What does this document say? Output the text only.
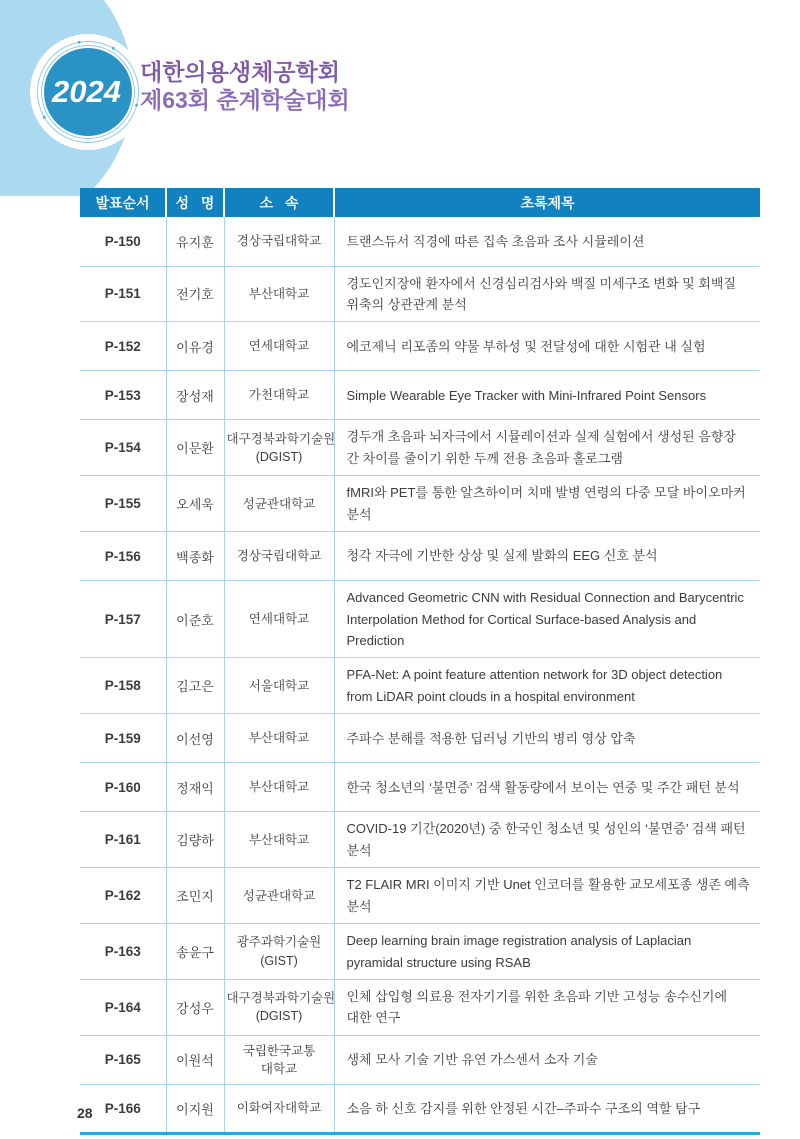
2024
대한의용생체공학회
제63회 춘계학술대회
발표순서	성 명	소 속	초록제목
P-150	유지훈	경상국립대학교	트랜스듀서 직경에 따른 집속 초음파 조사 시뮬레이션
P-151	전기호	부산대학교	경도인지장애 환자에서 신경심리검사와 백질 미세구조 변화 및 회백질 위축의 상관관계 분석
P-152	이유경	연세대학교	에코제닉 리포좀의 약물 부하성 및 전달성에 대한 시험관 내 실험
P-153	장성재	가천대학교	Simple Wearable Eye Tracker with Mini-Infrared Point Sensors
P-154	이문환	대구경북과학기술원 (DGIST)	경두개 초음파 뇌자극에서 시뮬레이션과 실제 실험에서 생성된 음향장 간 차이를 줄이기 위한 두께 전용 초음파 홀로그램
P-155	오세욱	성균관대학교	fMRI와 PET를 통한 알츠하이머 치매 발병 연령의 다중 모달 바이오마커 분석
P-156	백종화	경상국립대학교	청각 자극에 기반한 상상 및 실제 발화의 EEG 신호 분석
P-157	이준호	연세대학교	Advanced Geometric CNN with Residual Connection and Barycentric Interpolation Method for Cortical Surface-based Analysis and Prediction
P-158	김고은	서울대학교	PFA-Net: A point feature attention network for 3D object detection from LiDAR point clouds in a hospital environment
P-159	이선영	부산대학교	주파수 분해를 적용한 딥러닝 기반의 병리 영상 압축
P-160	정재익	부산대학교	한국 청소년의 ‘불면증’ 검색 활동량에서 보이는 연중 및 주간 패턴 분석
P-161	김량하	부산대학교	COVID-19 기간(2020년) 중 한국인 청소년 및 성인의 ‘불면증’ 검색 패턴 분석
P-162	조민지	성균관대학교	T2 FLAIR MRI 이미지 기반 Unet 인코더를 활용한 교모세포종 생존 예측 분석
P-163	송윤구	광주과학기술원 (GIST)	Deep learning brain image registration analysis of Laplacian pyramidal structure using RSAB
P-164	강성우	대구경북과학기술원 (DGIST)	인체 삽입형 의료용 전자기기를 위한 초음파 기반 고성능 송수신기에 대한 연구
P-165	이원석	국립한국교통 대학교	생체 모사 기술 기반 유연 가스센서 소자 기술
P-166	이지원	이화여자대학교	소음 하 신호 감지를 위한 안정된 시간–주파수 구조의 역할 탐구
28
